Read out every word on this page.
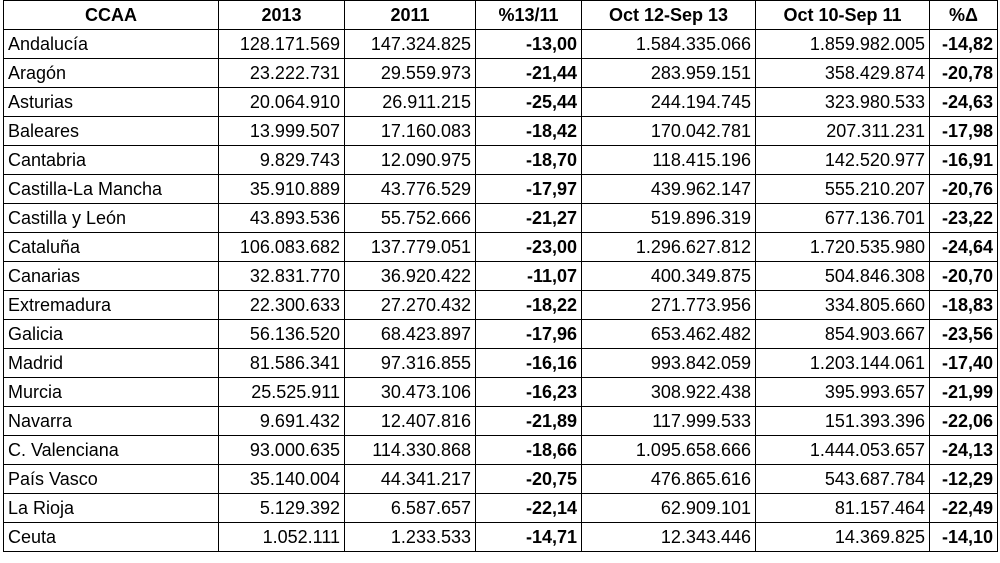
CCAA	2013	2011	%13/11	Oct 12-Sep 13	Oct 10-Sep 11	%Δ
Andalucía	128.171.569	147.324.825	-13,00	1.584.335.066	1.859.982.005	-14,82
Aragón	23.222.731	29.559.973	-21,44	283.959.151	358.429.874	-20,78
Asturias	20.064.910	26.911.215	-25,44	244.194.745	323.980.533	-24,63
Baleares	13.999.507	17.160.083	-18,42	170.042.781	207.311.231	-17,98
Cantabria	9.829.743	12.090.975	-18,70	118.415.196	142.520.977	-16,91
Castilla-La Mancha	35.910.889	43.776.529	-17,97	439.962.147	555.210.207	-20,76
Castilla y León	43.893.536	55.752.666	-21,27	519.896.319	677.136.701	-23,22
Cataluña	106.083.682	137.779.051	-23,00	1.296.627.812	1.720.535.980	-24,64
Canarias	32.831.770	36.920.422	-11,07	400.349.875	504.846.308	-20,70
Extremadura	22.300.633	27.270.432	-18,22	271.773.956	334.805.660	-18,83
Galicia	56.136.520	68.423.897	-17,96	653.462.482	854.903.667	-23,56
Madrid	81.586.341	97.316.855	-16,16	993.842.059	1.203.144.061	-17,40
Murcia	25.525.911	30.473.106	-16,23	308.922.438	395.993.657	-21,99
Navarra	9.691.432	12.407.816	-21,89	117.999.533	151.393.396	-22,06
C. Valenciana	93.000.635	114.330.868	-18,66	1.095.658.666	1.444.053.657	-24,13
País Vasco	35.140.004	44.341.217	-20,75	476.865.616	543.687.784	-12,29
La Rioja	5.129.392	6.587.657	-22,14	62.909.101	81.157.464	-22,49
Ceuta	1.052.111	1.233.533	-14,71	12.343.446	14.369.825	-14,10
